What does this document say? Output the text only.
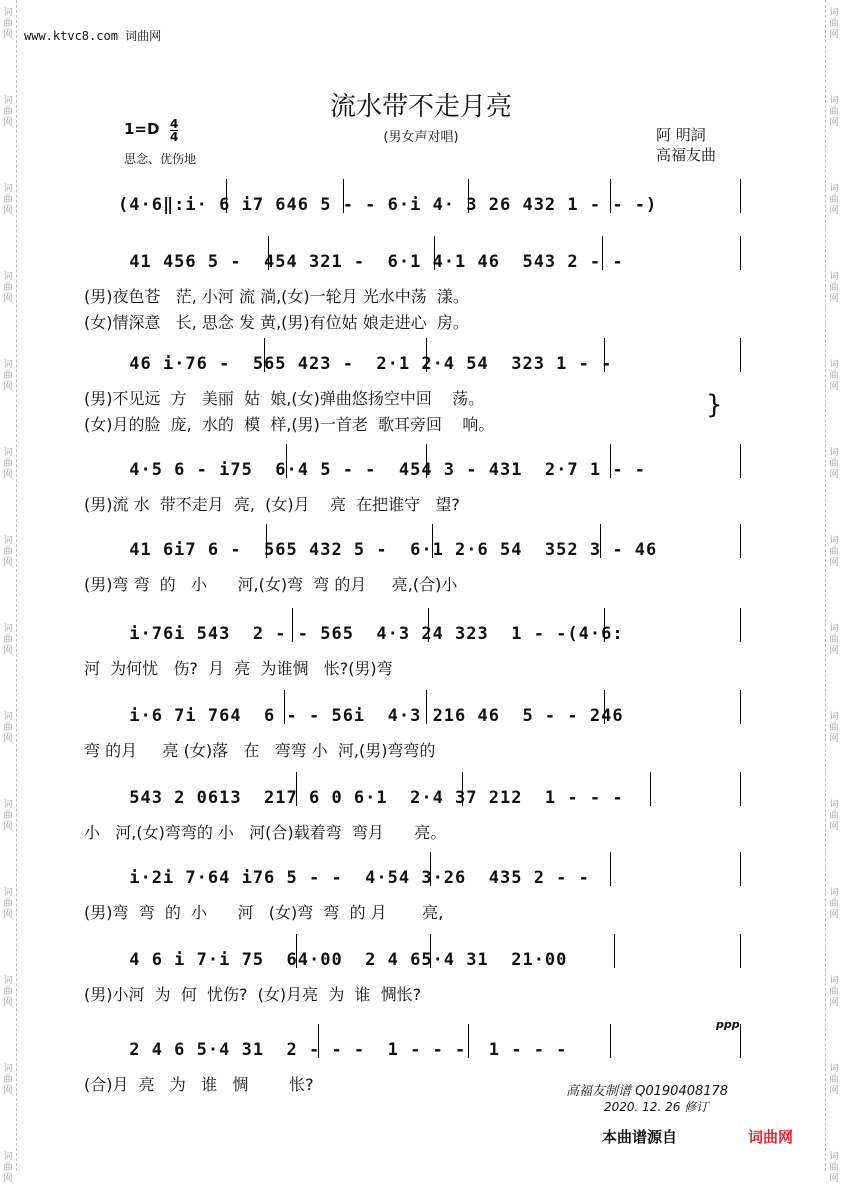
词
曲
网
词
曲
网
词
曲
网
词
曲
网
词
曲
网
词
曲
网
词
曲
网
词
曲
网
词
曲
网
词
曲
网
词
曲
网
词
曲
网
词
曲
网
词
曲
网
词
曲
网
词
曲
网
词
曲
网
词
曲
网
词
曲
网
词
曲
网
词
曲
网
词
曲
网
词
曲
网
词
曲
网
词
曲
网
词
曲
网
词
曲
网
词
曲
网
www.ktvc8.com 词曲网
流水带不走月亮
(男女声对唱)
1=D 4
4
思念、优伤地
阿 明詞
高福友曲
(4·6‖:i· 6 i7 646 5 - - 6·i 4· 3 26 432 1 - - -)
41 456 5 -  454 321 -  6·1 4·1 46  543 2 - -
(男)夜色苍   茫, 小河 流 淌,(女)一轮月 光水中荡  漾。
(女)情深意   长, 思念 发 黄,(男)有位姑 娘走进心  房。
46 i·76 -  565 423 -  2·1 2·4 54  323 1 - -
(男)不见远  方   美丽  姑  娘,(女)弹曲悠扬空中回    荡。
(女)月的脸  庞,  水的  模  样,(男)一首老  歌耳旁回    响。
4·5 6 - i75  6·4 5 - -  454 3 - 431  2·7 1 - -
(男)流 水  带不走月  亮,  (女)月    亮  在把谁守   望?
41 6i7 6 -  565 432 5 -  6·1 2·6 54  352 3 - 46
(男)弯 弯  的   小      河,(女)弯  弯 的月     亮,(合)小
i·76i 543  2 - - 565  4·3 24 323  1 - -(4·6:
河  为何忧   伤?  月  亮  为谁惆   怅?(男)弯
i·6 7i 764  6 - - 56i  4·3 216 46  5 - - 246
弯 的月     亮 (女)落   在   弯弯 小  河,(男)弯弯的
543 2 0613  217 6 0 6·1  2·4 37 212  1 - - -
小   河,(女)弯弯的 小   河(合)载着弯  弯月      亮。
i·2i 7·64 i76 5 - -  4·54 3·26  435 2 - -
(男)弯  弯  的  小      河   (女)弯  弯  的 月       亮,
4 6 i 7·i 75  64·00  2 4 65·4 31  21·00
(男)小河  为  何  忧伤?  (女)月亮  为  谁  惆怅?
2 4 6 5·4 31  2 - - -  1 - - -  1 - - -
(合)月  亮   为   谁   惆        怅?
ppp
}
高福友制谱 Q0190408178
2020. 12. 26 修订
本曲谱源自	词曲网
